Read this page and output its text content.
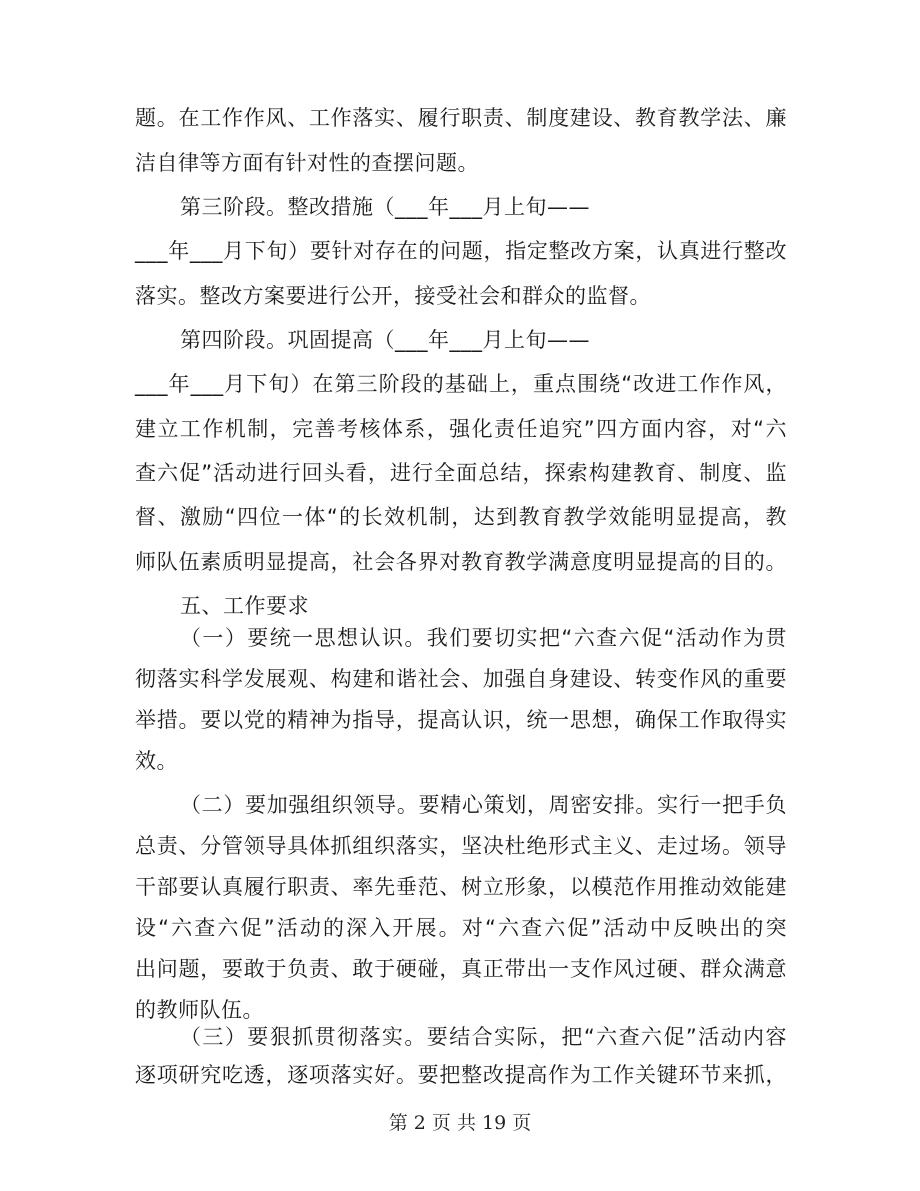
题。在工作作风、工作落实、履行职责、制度建设、教育教学法、廉
洁自律等方面有针对性的查摆问题。
第三阶段。整改措施（___年___月上旬——
___年___月下旬）要针对存在的问题，指定整改方案，认真进行整改
落实。整改方案要进行公开，接受社会和群众的监督。
第四阶段。巩固提高（___年___月上旬——
___年___月下旬）在第三阶段的基础上，重点围绕“改进工作作风，
建立工作机制，完善考核体系，强化责任追究”四方面内容，对“六
查六促”活动进行回头看，进行全面总结，探索构建教育、制度、监
督、激励“四位一体“的长效机制，达到教育教学效能明显提高，教
师队伍素质明显提高，社会各界对教育教学满意度明显提高的目的。
五、工作要求
（一）要统一思想认识。我们要切实把“六查六促“活动作为贯
彻落实科学发展观、构建和谐社会、加强自身建设、转变作风的重要
举措。要以党的精神为指导，提高认识，统一思想，确保工作取得实
效。
（二）要加强组织领导。要精心策划，周密安排。实行一把手负
总责、分管领导具体抓组织落实，坚决杜绝形式主义、走过场。领导
干部要认真履行职责、率先垂范、树立形象，以模范作用推动效能建
设“六查六促”活动的深入开展。对“六查六促”活动中反映出的突
出问题，要敢于负责、敢于硬碰，真正带出一支作风过硬、群众满意
的教师队伍。
（三）要狠抓贯彻落实。要结合实际，把“六查六促”活动内容
逐项研究吃透，逐项落实好。要把整改提高作为工作关键环节来抓，
第 2 页 共 19 页
